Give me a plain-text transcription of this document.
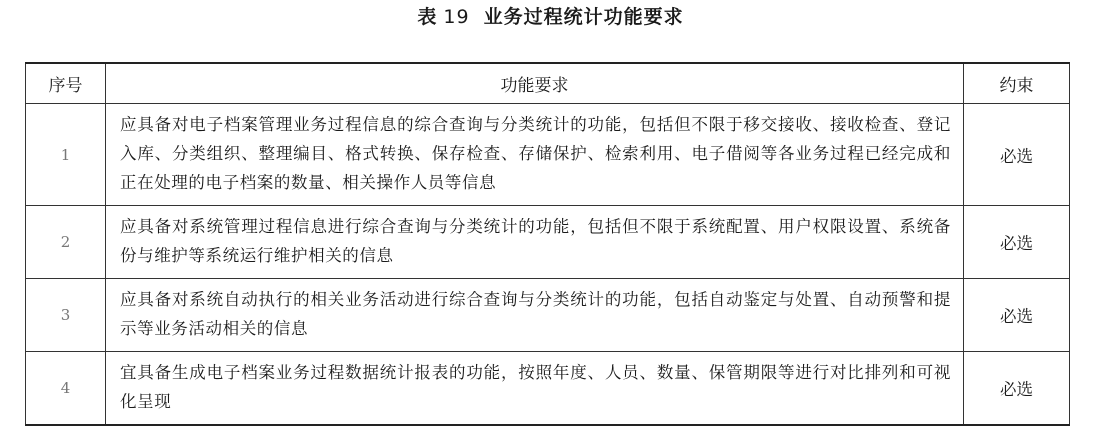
表 19 业务过程统计功能要求
序号	功能要求	约束
1	应具备对电子档案管理业务过程信息的综合查询与分类统计的功能，包括但不限于移交接收、接收检查、登记入库、分类组织、整理编目、格式转换、保存检查、存储保护、检索利用、电子借阅等各业务过程已经完成和正在处理的电子档案的数量、相关操作人员等信息	必选
2	应具备对系统管理过程信息进行综合查询与分类统计的功能，包括但不限于系统配置、用户权限设置、系统备份与维护等系统运行维护相关的信息	必选
3	应具备对系统自动执行的相关业务活动进行综合查询与分类统计的功能，包括自动鉴定与处置、自动预警和提示等业务活动相关的信息	必选
4	宜具备生成电子档案业务过程数据统计报表的功能，按照年度、人员、数量、保管期限等进行对比排列和可视化呈现	必选
